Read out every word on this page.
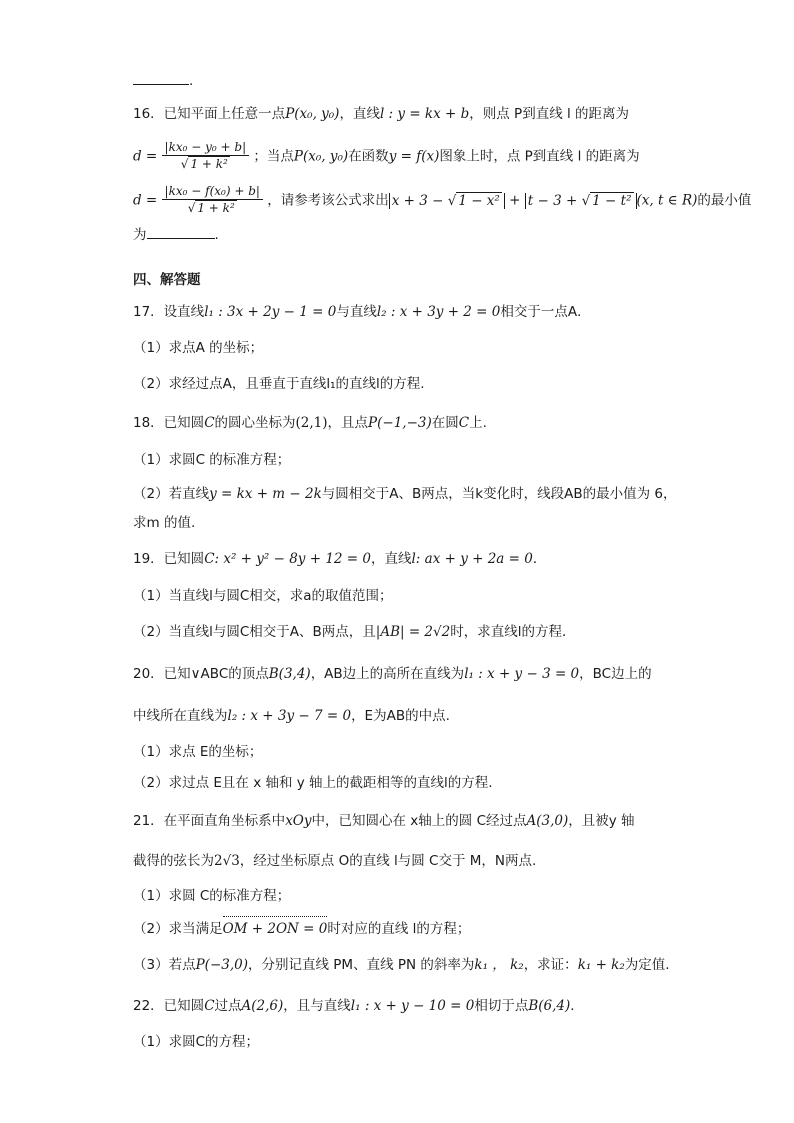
.
16．已知平面上任意一点P(x₀, y₀)，直线l : y = kx + b，则点 P到直线 l 的距离为
$d = \frac{\text{|kx₀ − y₀ + b|}}{\text{√ 1 + k²}}$ ；当点P(x₀, y₀)在函数y = f(x)图象上时，点 P到直线 l 的距离为
$d = \frac{\text{|kx₀ − f(x₀) + b|}}{\text{√ 1 + k²}}$ ，请参考该公式求出 x + 3 − √ 1 − x² + t − 3 + √ 1 − t² (x, t ∈ R)的最小值
为	.
四、解答题
17．设直线l₁ : 3x + 2y − 1 = 0与直线l₂ : x + 3y + 2 = 0相交于一点A．
（1）求点A 的坐标；
（2）求经过点A，且垂直于直线l₁的直线l的方程.
18．已知圆C的圆心坐标为(2,1)，且点P(−1,−3)在圆C上.
（1）求圆C 的标准方程；
（2）若直线y = kx + m − 2k与圆相交于A、B两点，当k变化时，线段AB的最小值为 6，
求m 的值.
19．已知圆C: x² + y² − 8y + 12 = 0，直线l: ax + y + 2a = 0．
（1）当直线l与圆C相交，求a的取值范围；
（2）当直线l与圆C相交于A、B两点，且|AB| = 2√2时，求直线l的方程．
20．已知∨ABC的顶点B(3,4)，AB边上的高所在直线为l₁ : x + y − 3 = 0，BC边上的
中线所在直线为l₂ : x + 3y − 7 = 0，E为AB的中点.
（1）求点 E的坐标；
（2）求过点 E且在 x 轴和 y 轴上的截距相等的直线l的方程.
21．在平面直角坐标系中xOy中，已知圆心在 x轴上的圆 C经过点A(3,0)，且被y 轴
截得的弦长为2√3，经过坐标原点 O的直线 l与圆 C交于 M，N两点.
（1）求圆 C的标准方程；
（2）求当满足OM + 2ON = 0时对应的直线 l的方程；
（3）若点P(−3,0)，分别记直线 PM、直线 PN 的斜率为k₁ ， k₂，求证：k₁ + k₂为定值.
22．已知圆C过点A(2,6)，且与直线l₁ : x + y − 10 = 0相切于点B(6,4).
（1）求圆C的方程；
